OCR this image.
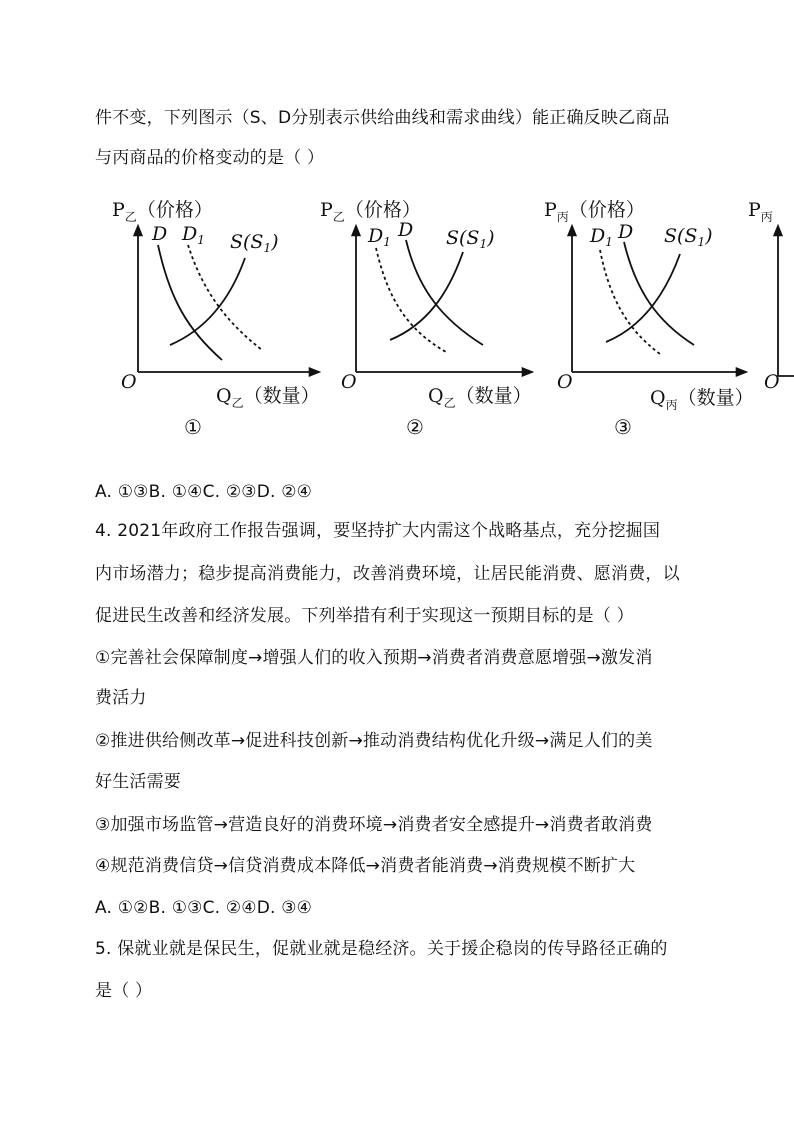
件不变，下列图示（S、D分别表示供给曲线和需求曲线）能正确反映乙商品
与丙商品的价格变动的是（ ）
$P_乙$（价格）
O
D $D_1$ $S(S_1)$
$Q_乙$（数量）
①
$P_乙$（价格）
O
$D_1$
D $S(S_1)$
$Q_乙$（数量）
②
$P_丙$（价格）
O
$D_1$ D $S(S_1)$
$Q_丙$（数量）
③
$P_丙$
O
A. ①③B. ①④C. ②③D. ②④
4. 2021年政府工作报告强调，要坚持扩大内需这个战略基点，充分挖掘国
内市场潜力；稳步提高消费能力，改善消费环境，让居民能消费、愿消费，以
促进民生改善和经济发展。下列举措有利于实现这一预期目标的是（ ）
①完善社会保障制度→增强人们的收入预期→消费者消费意愿增强→激发消
费活力
②推进供给侧改革→促进科技创新→推动消费结构优化升级→满足人们的美
好生活需要
③加强市场监管→营造良好的消费环境→消费者安全感提升→消费者敢消费
④规范消费信贷→信贷消费成本降低→消费者能消费→消费规模不断扩大
A. ①②B. ①③C. ②④D. ③④
5. 保就业就是保民生，促就业就是稳经济。关于援企稳岗的传导路径正确的
是（ ）
